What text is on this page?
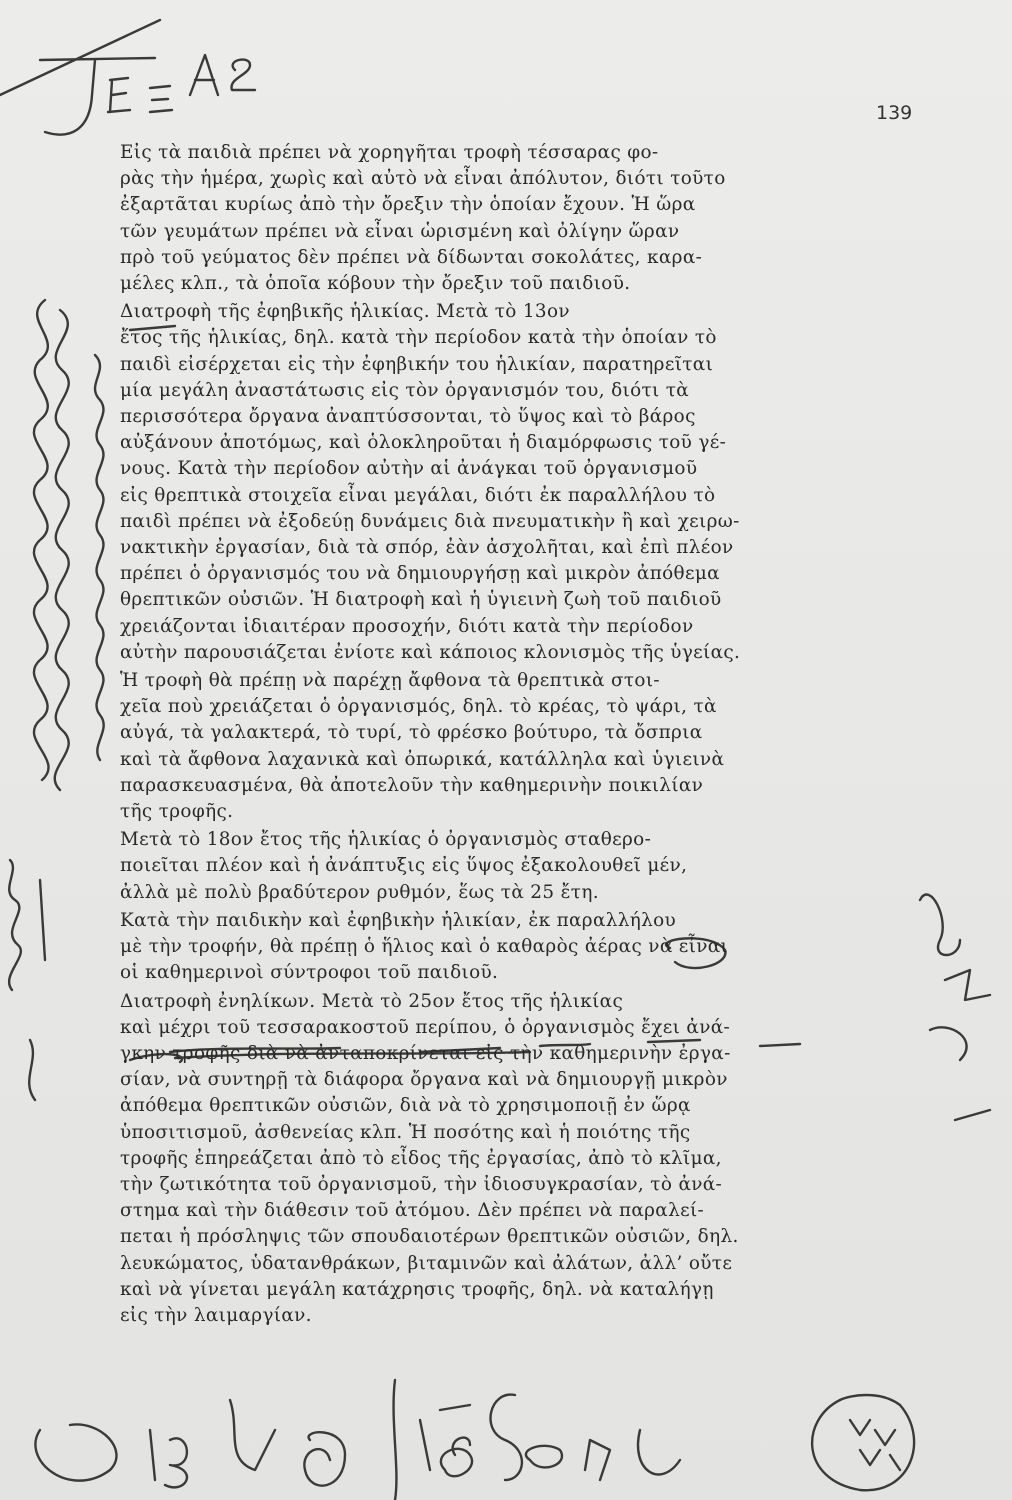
139
Εἰς τὰ παιδιὰ πρέπει νὰ χορηγῆται τροφὴ τέσσαρας φο-
ρὰς τὴν ἡμέρα, χωρὶς καὶ αὐτὸ νὰ εἶναι ἀπόλυτον, διότι τοῦτο
ἐξαρτᾶται κυρίως ἀπὸ τὴν ὄρεξιν τὴν ὁποίαν ἔχουν. Ἡ ὥρα
τῶν γευμάτων πρέπει νὰ εἶναι ὡρισμένη καὶ ὀλίγην ὥραν
πρὸ τοῦ γεύματος δὲν πρέπει νὰ δίδωνται σοκολάτες, καρα-
μέλες κλπ., τὰ ὁποῖα κόβουν τὴν ὄρεξιν τοῦ παιδιοῦ.
Διατροφὴ τῆς ἐφηβικῆς ἡλικίας. Μετὰ τὸ 13ον
ἔτος τῆς ἡλικίας, δηλ. κατὰ τὴν περίοδον κατὰ τὴν ὁποίαν τὸ
παιδὶ εἰσέρχεται εἰς τὴν ἐφηβικήν του ἡλικίαν, παρατηρεῖται
μία μεγάλη ἀναστάτωσις εἰς τὸν ὀργανισμόν του, διότι τὰ
περισσότερα ὄργανα ἀναπτύσσονται, τὸ ὕψος καὶ τὸ βάρος
αὐξάνουν ἀποτόμως, καὶ ὁλοκληροῦται ἡ διαμόρφωσις τοῦ γέ-
νους. Κατὰ τὴν περίοδον αὐτὴν αἱ ἀνάγκαι τοῦ ὀργανισμοῦ
εἰς θρεπτικὰ στοιχεῖα εἶναι μεγάλαι, διότι ἐκ παραλλήλου τὸ
παιδὶ πρέπει νὰ ἐξοδεύῃ δυνάμεις διὰ πνευματικὴν ἢ καὶ χειρω-
νακτικὴν ἐργασίαν, διὰ τὰ σπόρ, ἐὰν ἀσχολῆται, καὶ ἐπὶ πλέον
πρέπει ὁ ὀργανισμός του νὰ δημιουργήσῃ καὶ μικρὸν ἀπόθεμα
θρεπτικῶν οὐσιῶν. Ἡ διατροφὴ καὶ ἡ ὑγιεινὴ ζωὴ τοῦ παιδιοῦ
χρειάζονται ἰδιαιτέραν προσοχήν, διότι κατὰ τὴν περίοδον
αὐτὴν παρουσιάζεται ἐνίοτε καὶ κάποιος κλονισμὸς τῆς ὑγείας.
Ἡ τροφὴ θὰ πρέπῃ νὰ παρέχῃ ἄφθονα τὰ θρεπτικὰ στοι-
χεῖα ποὺ χρειάζεται ὁ ὀργανισμός, δηλ. τὸ κρέας, τὸ ψάρι, τὰ
αὐγά, τὰ γαλακτερά, τὸ τυρί, τὸ φρέσκο βούτυρο, τὰ ὄσπρια
καὶ τὰ ἄφθονα λαχανικὰ καὶ ὀπωρικά, κατάλληλα καὶ ὑγιεινὰ
παρασκευασμένα, θὰ ἀποτελοῦν τὴν καθημερινὴν ποικιλίαν
τῆς τροφῆς.
Μετὰ τὸ 18ον ἔτος τῆς ἡλικίας ὁ ὀργανισμὸς σταθερο-
ποιεῖται πλέον καὶ ἡ ἀνάπτυξις εἰς ὕψος ἐξακολουθεῖ μέν,
ἀλλὰ μὲ πολὺ βραδύτερον ρυθμόν, ἕως τὰ 25 ἔτη.
Κατὰ τὴν παιδικὴν καὶ ἐφηβικὴν ἡλικίαν, ἐκ παραλλήλου
μὲ τὴν τροφήν, θὰ πρέπῃ ὁ ἥλιος καὶ ὁ καθαρὸς ἀέρας νὰ εἶναι
οἱ καθημερινοὶ σύντροφοι τοῦ παιδιοῦ.
Διατροφὴ ἐνηλίκων. Μετὰ τὸ 25ον ἔτος τῆς ἡλικίας
καὶ μέχρι τοῦ τεσσαρακοστοῦ περίπου, ὁ ὀργανισμὸς ἔχει ἀνά-
γκην τροφῆς διὰ νὰ ἀνταποκρίνεται εἰς τὴν καθημερινὴν ἐργα-
σίαν, νὰ συντηρῇ τὰ διάφορα ὄργανα καὶ νὰ δημιουργῇ μικρὸν
ἀπόθεμα θρεπτικῶν οὐσιῶν, διὰ νὰ τὸ χρησιμοποιῇ ἐν ὥρᾳ
ὑποσιτισμοῦ, ἀσθενείας κλπ. Ἡ ποσότης καὶ ἡ ποιότης τῆς
τροφῆς ἐπηρεάζεται ἀπὸ τὸ εἶδος τῆς ἐργασίας, ἀπὸ τὸ κλῖμα,
τὴν ζωτικότητα τοῦ ὀργανισμοῦ, τὴν ἰδιοσυγκρασίαν, τὸ ἀνά-
στημα καὶ τὴν διάθεσιν τοῦ ἀτόμου. Δὲν πρέπει νὰ παραλεί-
πεται ἡ πρόσληψις τῶν σπουδαιοτέρων θρεπτικῶν οὐσιῶν, δηλ.
λευκώματος, ὑδατανθράκων, βιταμινῶν καὶ ἀλάτων, ἀλλ’ οὔτε
καὶ νὰ γίνεται μεγάλη κατάχρησις τροφῆς, δηλ. νὰ καταλήγῃ
εἰς τὴν λαιμαργίαν.
